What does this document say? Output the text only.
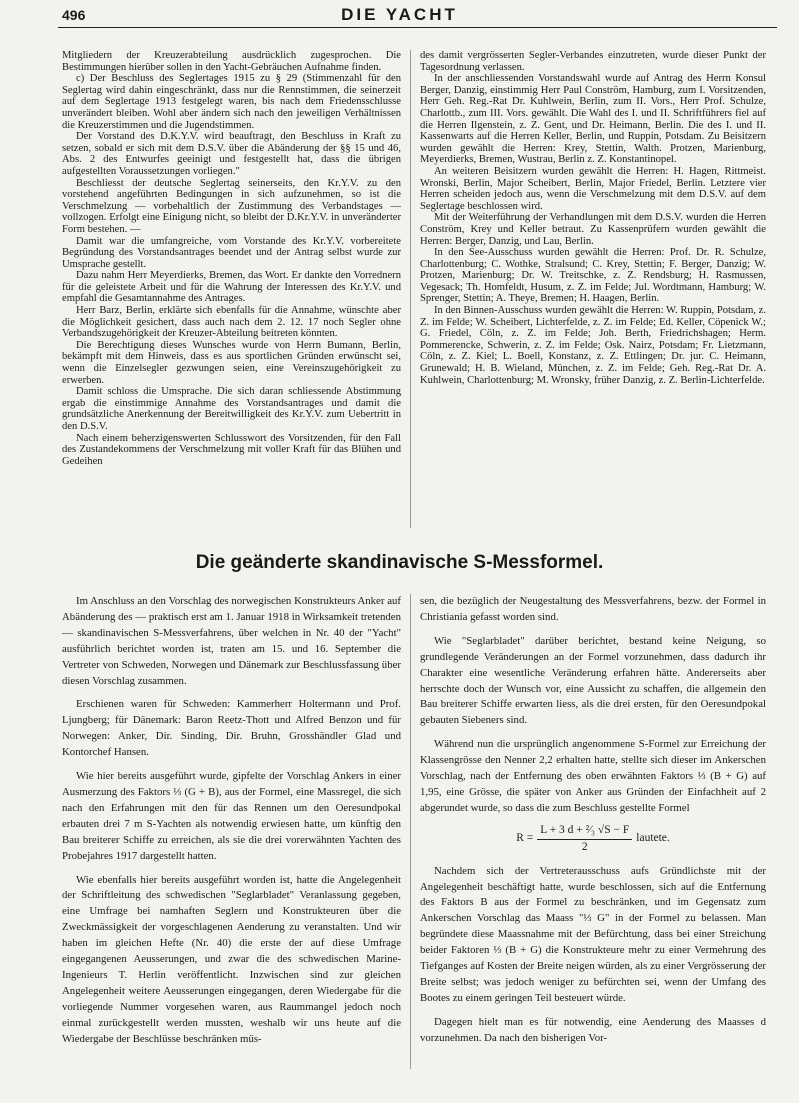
496	DIE YACHT

Mitgliedern der Kreuzerabteilung ausdrücklich zugesprochen. Die Bestimmungen hierüber sollen in den Yacht-Gebräuchen Aufnahme finden.

c) Der Beschluss des Seglertages 1915 zu § 29 (Stimmenzahl für den Seglertag wird dahin eingeschränkt, dass nur die Rennstimmen, die seinerzeit auf dem Seglertage 1913 festgelegt waren, bis nach dem Friedensschlusse unverändert bleiben. Wohl aber ändern sich nach den jeweiligen Verhältnissen die Kreuzerstimmen und die Jugendstimmen.

Der Vorstand des D.K.Y.V. wird beauftragt, den Beschluss in Kraft zu setzen, sobald er sich mit dem D.S.V. über die Abänderung der §§ 15 und 46, Abs. 2 des Entwurfes geeinigt und festgestellt hat, dass die übrigen aufgestellten Voraussetzungen vorliegen."

Beschliesst der deutsche Seglertag seinerseits, den Kr.Y.V. zu den vorstehend angeführten Bedingungen in sich aufzunehmen, so ist die Verschmelzung — vorbehaltlich der Zustimmung des Verbandstages — vollzogen. Erfolgt eine Einigung nicht, so bleibt der D.Kr.Y.V. in unveränderter Form bestehen. —

Damit war die umfangreiche, vom Vorstande des Kr.Y.V. vorbereitete Begründung des Vorstandsantrages beendet und der Antrag selbst wurde zur Umsprache gestellt.

Dazu nahm Herr Meyerdierks, Bremen, das Wort. Er dankte den Vorrednern für die geleistete Arbeit und für die Wahrung der Interessen des Kr.Y.V. und empfahl die Gesamtannahme des Antrages.

Herr Barz, Berlin, erklärte sich ebenfalls für die Annahme, wünschte aber die Möglichkeit gesichert, dass auch nach dem 2. 12. 17 noch Segler ohne Verbandszugehörigkeit der Kreuzer-Abteilung beitreten könnten.

Die Berechtigung dieses Wunsches wurde von Herrn Bumann, Berlin, bekämpft mit dem Hinweis, dass es aus sportlichen Gründen erwünscht sei, wenn die Einzelsegler gezwungen seien, eine Vereinszugehörigkeit zu erwerben.

Damit schloss die Umsprache. Die sich daran schliessende Abstimmung ergab die einstimmige Annahme des Vorstandsantrages und damit die grundsätzliche Anerkennung der Bereitwilligkeit des Kr.Y.V. zum Uebertritt in den D.S.V.

Nach einem beherzigenswerten Schlusswort des Vorsitzenden, für den Fall des Zustandekommens der Verschmelzung mit voller Kraft für das Blühen und Gedeihen

des damit vergrösserten Segler-Verbandes einzutreten, wurde dieser Punkt der Tagesordnung verlassen.

In der anschliessenden Vorstandswahl wurde auf Antrag des Herrn Konsul Berger, Danzig, einstimmig Herr Paul Conström, Hamburg, zum I. Vorsitzenden, Herr Geh. Reg.-Rat Dr. Kuhlwein, Berlin, zum II. Vors., Herr Prof. Schulze, Charlottb., zum III. Vors. gewählt. Die Wahl des I. und II. Schriftführers fiel auf die Herren Ilgenstein, z. Z. Gent, und Dr. Heimann, Berlin. Die des I. und II. Kassenwarts auf die Herren Keller, Berlin, und Ruppin, Potsdam. Zu Beisitzern wurden gewählt die Herren: Krey, Stettin, Walth. Protzen, Marienburg, Meyerdierks, Bremen, Wustrau, Berlin z. Z. Konstantinopel.

An weiteren Beisitzern wurden gewählt die Herren: H. Hagen, Rittmeist. Wronski, Berlin, Major Scheibert, Berlin, Major Friedel, Berlin. Letztere vier Herren scheiden jedoch aus, wenn die Verschmelzung mit dem D.S.V. auf dem Seglertage beschlossen wird.

Mit der Weiterführung der Verhandlungen mit dem D.S.V. wurden die Herren Conström, Krey und Keller betraut. Zu Kassenprüfern wurden gewählt die Herren: Berger, Danzig, und Lau, Berlin.

In den See-Ausschuss wurden gewählt die Herren: Prof. Dr. R. Schulze, Charlottenburg; C. Wothke, Stralsund; C. Krey, Stettin; F. Berger, Danzig; W. Protzen, Marienburg; Dr. W. Treitschke, z. Z. Rendsburg; H. Rasmussen, Vegesack; Th. Homfeldt, Husum, z. Z. im Felde; Jul. Wordtmann, Hamburg; W. Sprenger, Stettin; A. Theye, Bremen; H. Haagen, Berlin.

In den Binnen-Ausschuss wurden gewählt die Herren: W. Ruppin, Potsdam, z. Z. im Felde; W. Scheibert, Lichterfelde, z. Z. im Felde; Ed. Keller, Cöpenick W.; G. Friedel, Cöln, z. Z. im Felde; Joh. Berth, Friedrichshagen; Herm. Pommerencke, Schwerin, z. Z. im Felde; Osk. Nairz, Potsdam; Fr. Lietzmann, Cöln, z. Z. Kiel; L. Boell, Konstanz, z. Z. Ettlingen; Dr. jur. C. Heimann, Grunewald; H. B. Wieland, München, z. Z. im Felde; Geh. Reg.-Rat Dr. A. Kuhlwein, Charlottenburg; M. Wronsky, früher Danzig, z. Z. Berlin-Lichterfelde.

Die geänderte skandinavische S-Messformel.

Im Anschluss an den Vorschlag des norwegischen Konstrukteurs Anker auf Abänderung des — praktisch erst am 1. Januar 1918 in Wirksamkeit tretenden — skandinavischen S-Messverfahrens, über welchen in Nr. 40 der "Yacht" ausführlich berichtet worden ist, traten am 15. und 16. September die Vertreter von Schweden, Norwegen und Dänemark zur Beschlussfassung über diesen Vorschlag zusammen.

Erschienen waren für Schweden: Kammerherr Holtermann und Prof. Ljungberg; für Dänemark: Baron Reetz-Thott und Alfred Benzon und für Norwegen: Anker, Dir. Sinding, Dir. Bruhn, Grosshändler Glad und Kontorchef Hansen.

Wie hier bereits ausgeführt wurde, gipfelte der Vorschlag Ankers in einer Ausmerzung des Faktors ⅓ (G + B), aus der Formel, eine Massregel, die sich nach den Erfahrungen mit den für das Rennen um den Oeresundpokal erbauten drei 7 m S-Yachten als notwendig erwiesen hatte, um künftig den Bau breiterer Schiffe zu erreichen, als sie die drei vorerwähnten Yachten des Probejahres 1917 dargestellt hatten.

Wie ebenfalls hier bereits ausgeführt worden ist, hatte die Angelegenheit der Schriftleitung des schwedischen "Seglarbladet" Veranlassung gegeben, eine Umfrage bei namhaften Seglern und Konstrukteuren über die Zweckmässigkeit der vorgeschlagenen Aenderung zu veranstalten. Und wir haben im gleichen Hefte (Nr. 40) die erste der auf diese Umfrage eingegangenen Aeusserungen, und zwar die des schwedischen Marine-Ingenieurs T. Herlin veröffentlicht. Inzwischen sind zur gleichen Angelegenheit weitere Aeusserungen eingegangen, deren Wiedergabe für die vorliegende Nummer vorgesehen waren, aus Raummangel jedoch noch einmal zurückgestellt werden mussten, weshalb wir uns heute auf die Wiedergabe der Beschlüsse beschränken müs-

sen, die bezüglich der Neugestaltung des Messverfahrens, bezw. der Formel in Christiania gefasst worden sind.

Wie "Seglarbladet" darüber berichtet, bestand keine Neigung, so grundlegende Veränderungen an der Formel vorzunehmen, dass dadurch ihr Charakter eine wesentliche Veränderung erfahren hätte. Andererseits aber herrschte doch der Wunsch vor, eine Aussicht zu schaffen, die allgemein den Bau breiterer Schiffe erwarten liess, als die drei ersten, für den Oeresundpokal gebauten Siebeners sind.

Während nun die ursprünglich angenommene S-Formel zur Erreichung der Klassengrösse den Nenner 2,2 erhalten hatte, stellte sich dieser im Ankerschen Vorschlag, nach der Entfernung des oben erwähnten Faktors ⅓ (B + G) auf 1,95, eine Grösse, die später von Anker aus Gründen der Einfachheit auf 2 abgerundet wurde, so dass die zum Beschluss gestellte Formel

$R = \frac{\text{L + 3 d + ²⁄₃ √S − F}}{2}$ lautete.

Nachdem sich der Vertreterausschuss aufs Gründlichste mit der Angelegenheit beschäftigt hatte, wurde beschlossen, sich auf die Entfernung des Faktors B aus der Formel zu beschränken, und im Gegensatz zum Ankerschen Vorschlag das Maass "⅓ G" in der Formel zu belassen. Man begründete diese Maassnahme mit der Befürchtung, dass bei einer Streichung beider Faktoren ⅓ (B + G) die Konstrukteure mehr zu einer Vermehrung des Tiefganges auf Kosten der Breite neigen würden, als zu einer Vergrösserung der Breite selbst; was jedoch weniger zu befürchten sei, wenn der Umfang des Bootes zu einem geringen Teil besteuert würde.

Dagegen hielt man es für notwendig, eine Aenderung des Maasses d vorzunehmen. Da nach den bisherigen Vor-
